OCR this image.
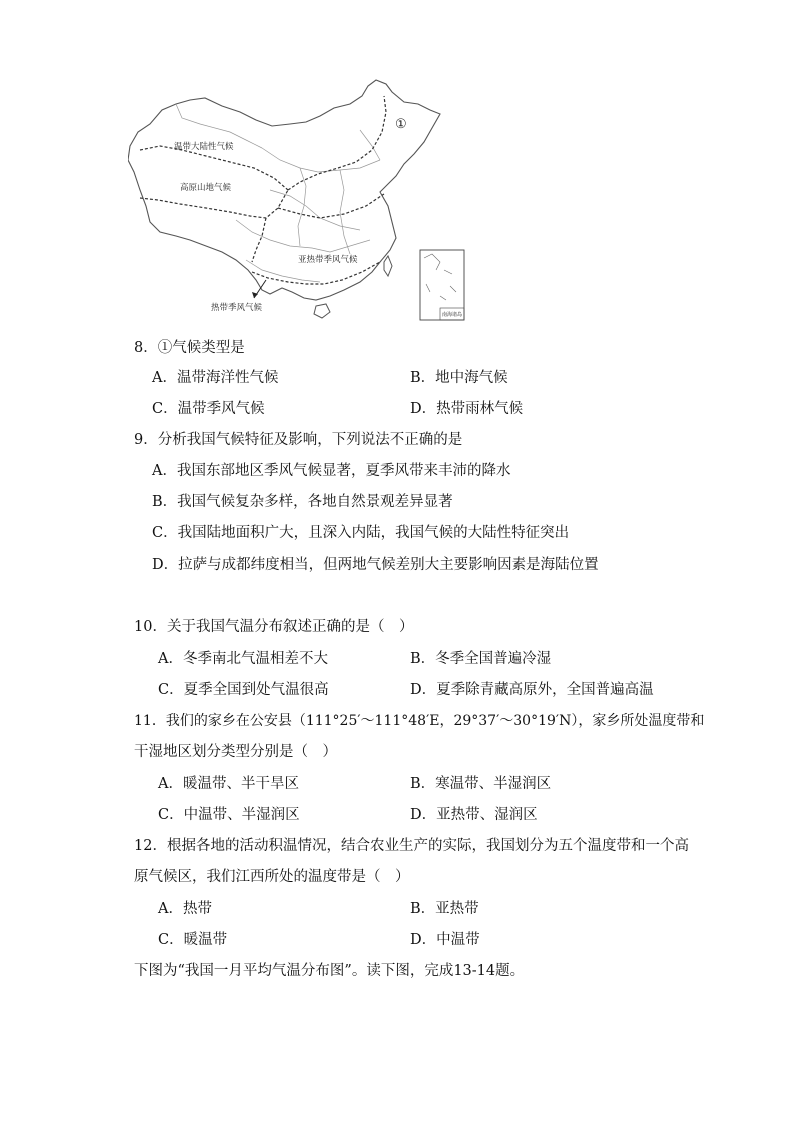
温带大陆性气候
高原山地气候
亚热带季风气候
热带季风气候
①
南海诸岛
8．①气候类型是
A．温带海洋性气候	B．地中海气候
C．温带季风气候	D．热带雨林气候
9．分析我国气候特征及影响，下列说法不正确的是
A．我国东部地区季风气候显著，夏季风带来丰沛的降水
B．我国气候复杂多样，各地自然景观差异显著
C．我国陆地面积广大，且深入内陆，我国气候的大陆性特征突出
D．拉萨与成都纬度相当，但两地气候差别大主要影响因素是海陆位置
10．关于我国气温分布叙述正确的是（　）
A．冬季南北气温相差不大	B．冬季全国普遍冷湿
C．夏季全国到处气温很高	D．夏季除青藏高原外，全国普遍高温
11．我们的家乡在公安县（111°25′～111°48′E，29°37′～30°19′N），家乡所处温度带和
干湿地区划分类型分别是（　）
A．暖温带、半干旱区	B．寒温带、半湿润区
C．中温带、半湿润区	D．亚热带、湿润区
12．根据各地的活动积温情况，结合农业生产的实际，我国划分为五个温度带和一个高
原气候区，我们江西所处的温度带是（　）
A．热带	B．亚热带
C．暖温带	D．中温带
下图为“我国一月平均气温分布图”。读下图，完成13-14题。
